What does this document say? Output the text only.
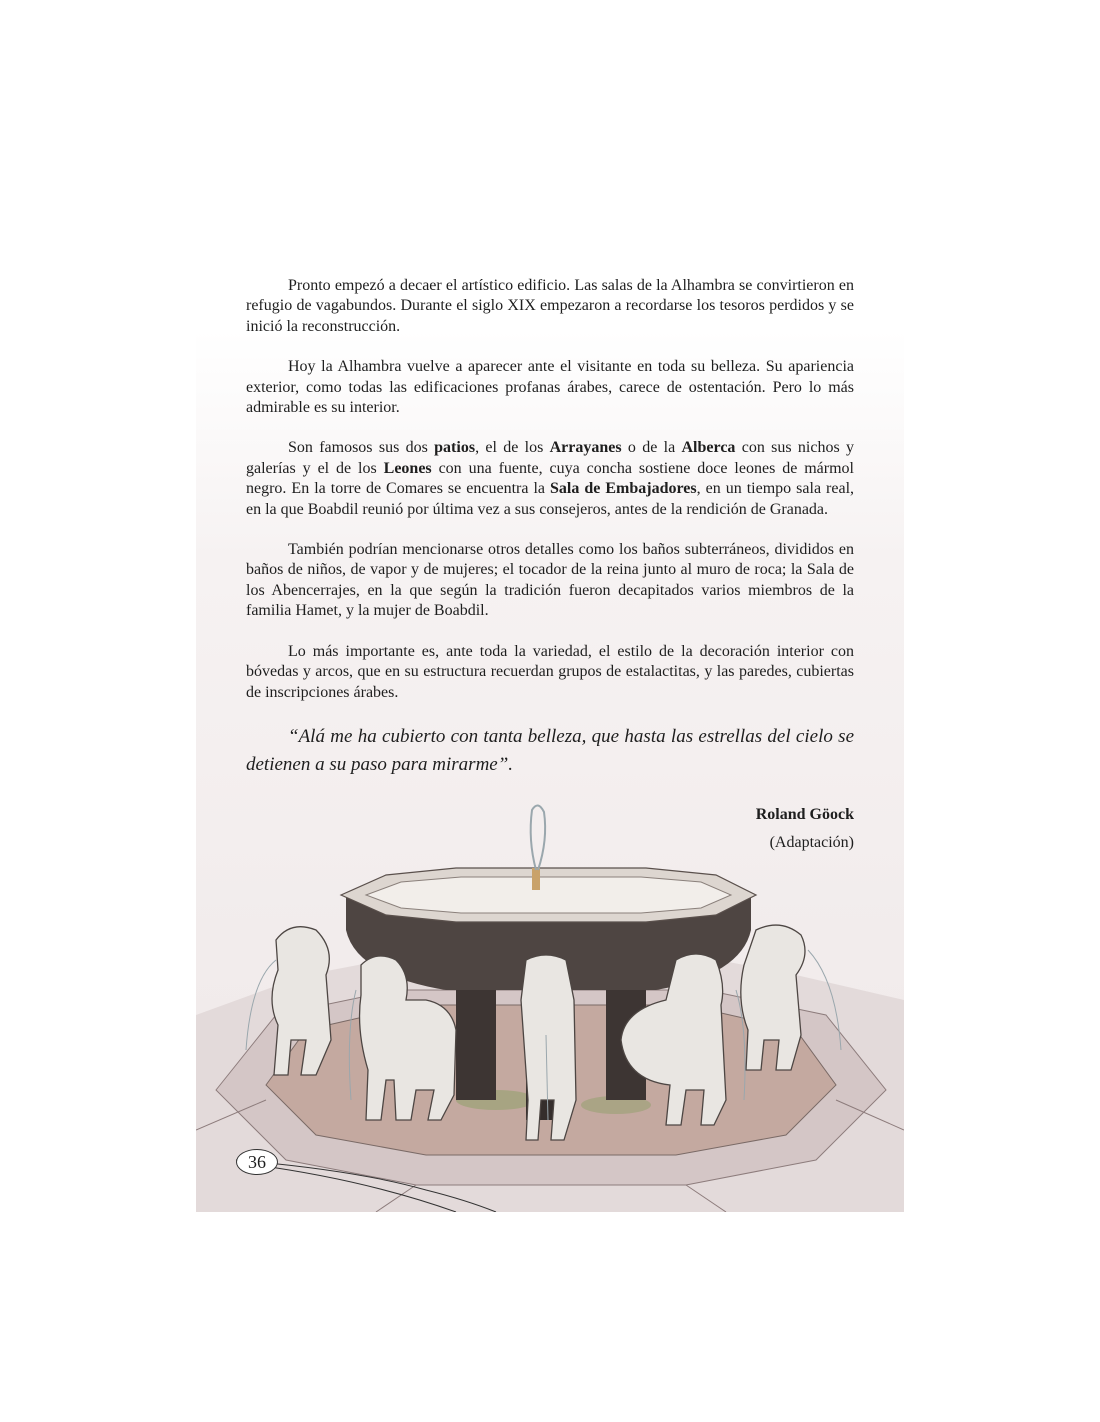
Pronto empezó a decaer el artístico edificio. Las salas de la Alhambra se convirtieron en refugio de vagabundos. Durante el siglo XIX empezaron a recordarse los tesoros perdidos y se inició la reconstrucción.

Hoy la Alhambra vuelve a aparecer ante el visitante en toda su belleza. Su apariencia exterior, como todas las edificaciones profanas árabes, carece de ostentación. Pero lo más admirable es su interior.

Son famosos sus dos patios, el de los Arrayanes o de la Alberca con sus nichos y galerías y el de los Leones con una fuente, cuya concha sostiene doce leones de mármol negro. En la torre de Comares se encuentra la Sala de Embajadores, en un tiempo sala real, en la que Boabdil reunió por última vez a sus consejeros, antes de la rendición de Granada.

También podrían mencionarse otros detalles como los baños subterráneos, divididos en baños de niños, de vapor y de mujeres; el tocador de la reina junto al muro de roca; la Sala de los Abencerrajes, en la que según la tradición fueron decapitados varios miembros de la familia Hamet, y la mujer de Boabdil.

Lo más importante es, ante toda la variedad, el estilo de la decoración interior con bóvedas y arcos, que en su estructura recuerdan grupos de estalactitas, y las paredes, cubiertas de inscripciones árabes.

“Alá me ha cubierto con tanta belleza, que hasta las estrellas del cielo se detienen a su paso para mirarme”.

Roland Göock
(Adaptación)
36
